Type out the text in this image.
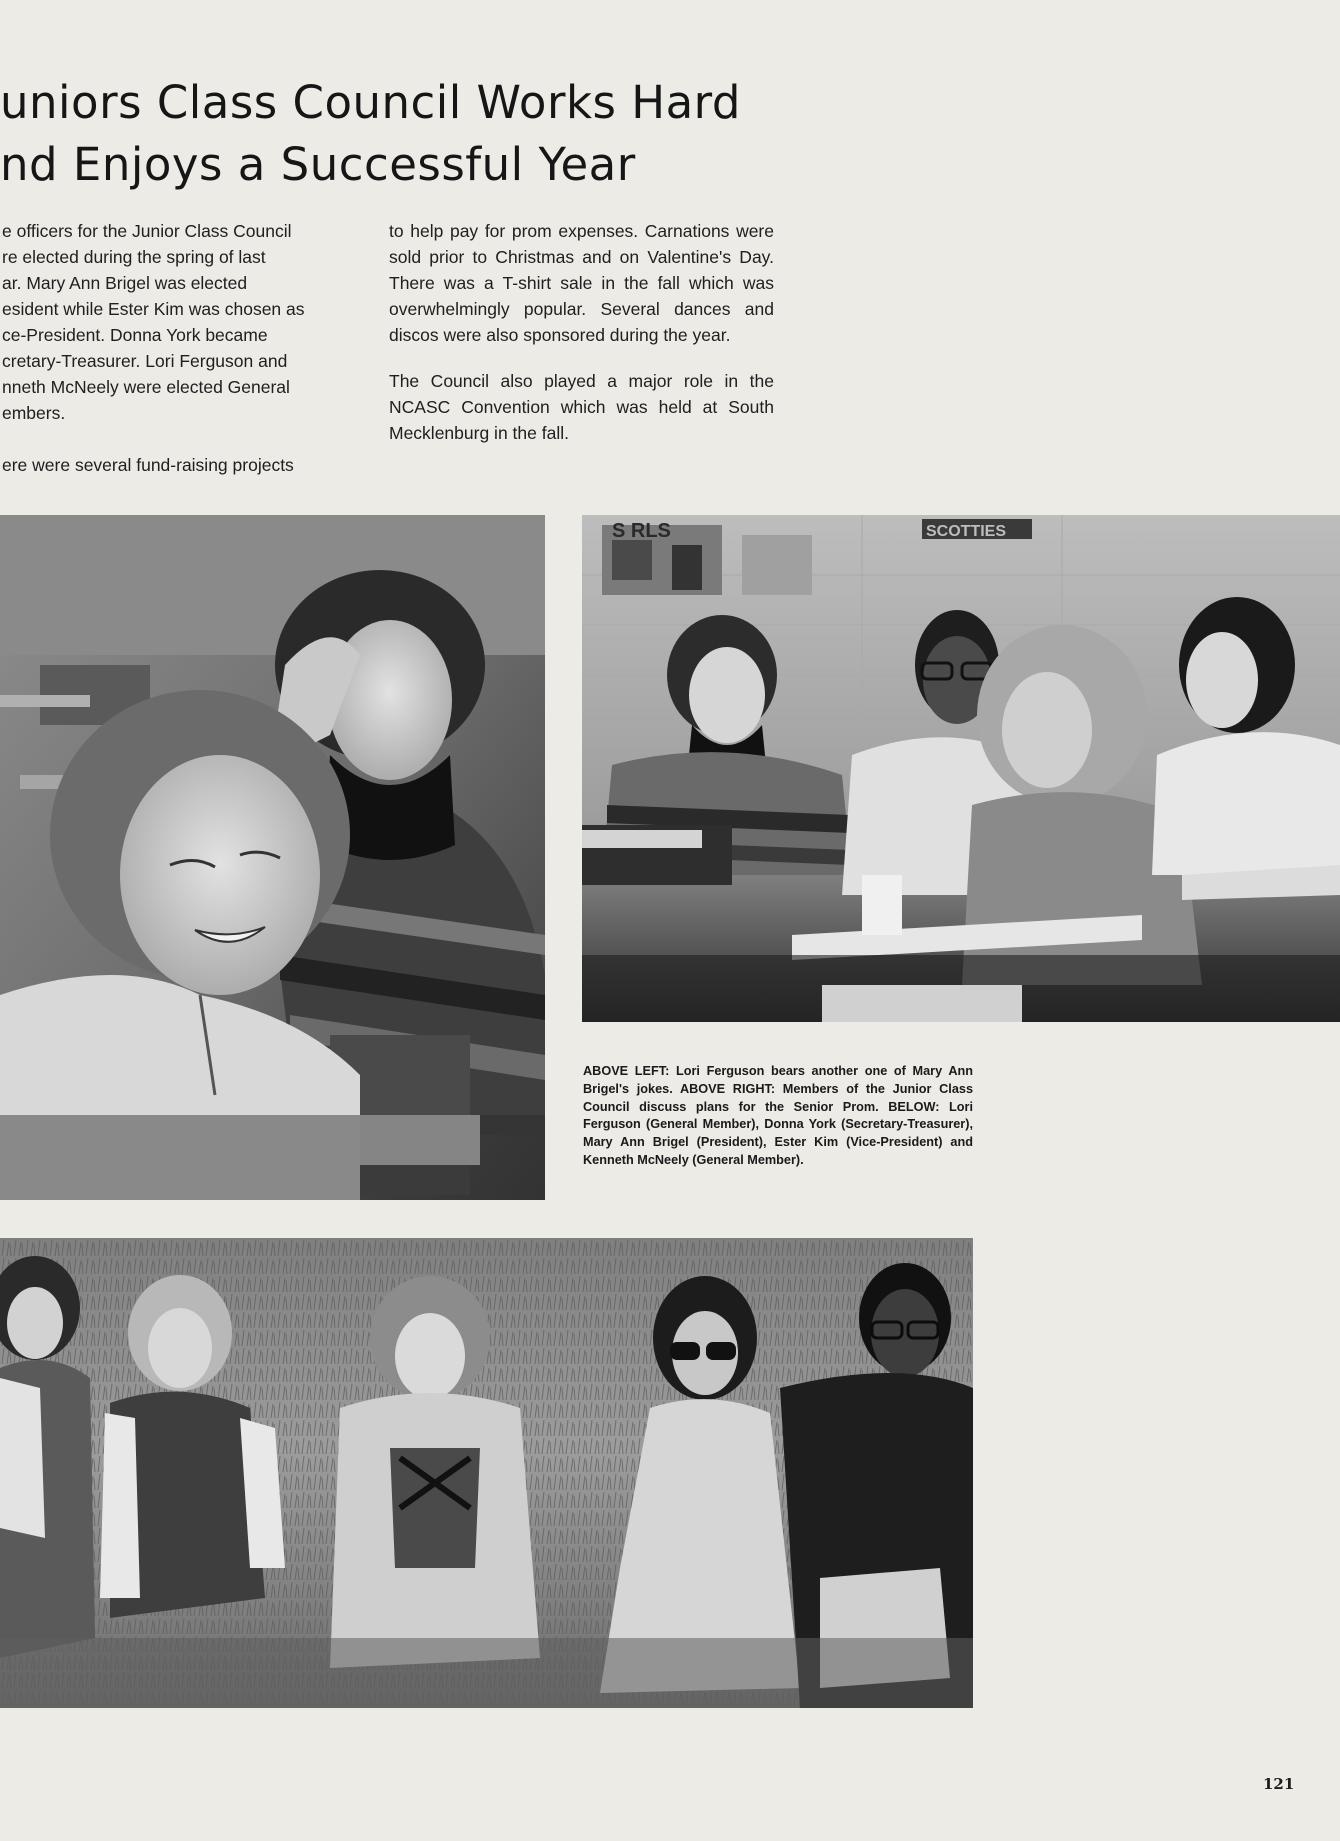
uniors Class Council Works Hard
nd Enjoys a Successful Year

e officers for the Junior Class Council

re elected during the spring of last

ar. Mary Ann Brigel was elected

esident while Ester Kim was chosen as

ce-President. Donna York became

cretary-Treasurer. Lori Ferguson and

nneth McNeely were elected General

embers.

ere were several fund-raising projects

to help pay for prom expenses. Carnations were sold prior to Christmas and on Valentine's Day. There was a T-shirt sale in the fall which was overwhelmingly popular. Several dances and discos were also sponsored during the year.

The Council also played a major role in the NCASC Convention which was held at South Mecklenburg in the fall.

S RLS	SCOTTIES
ABOVE LEFT: Lori Ferguson bears another one of Mary Ann Brigel's jokes. ABOVE RIGHT: Members of the Junior Class Council discuss plans for the Senior Prom. BELOW: Lori Ferguson (General Member), Donna York (Secretary-Treasurer), Mary Ann Brigel (President), Ester Kim (Vice-President) and Kenneth McNeely (General Member).
121
